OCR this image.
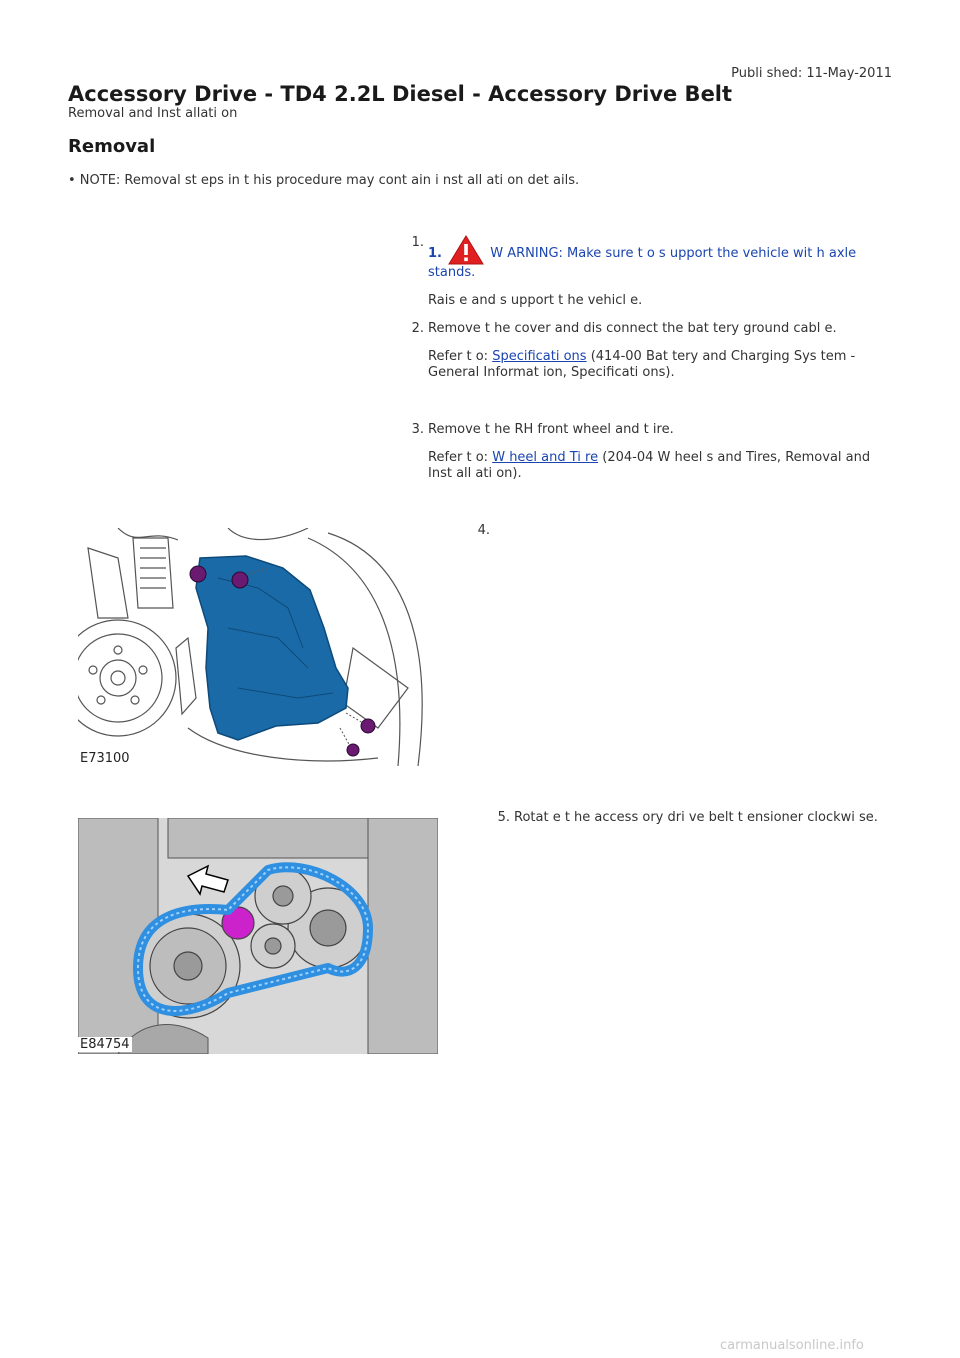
Publi shed: 11-May-2011
Accessory Drive - TD4 2.2L Diesel - Accessory Drive Belt
Removal and Inst allati on
Removal
• NOTE: Removal st eps in t his procedure may cont ain i nst all ati on det ails.
1.
1.	W ARNING: Make sure t o s upport the vehicle wit h axle
stands.
Rais e and s upport t he vehicl e.
2. Remove t he cover and dis connect the bat tery ground cabl e.
Refer t o: Specificati ons (414-00 Bat tery and Charging Sys tem -
General Informat ion, Specificati ons).
3. Remove t he RH front wheel and t ire.
Refer t o: W heel and Ti re (204-04 W heel s and Tires, Removal and
Inst all ati on).
4.
E73100
5. Rotat e t he access ory dri ve belt t ensioner clockwi se.
E84754
carmanualsonline.info
